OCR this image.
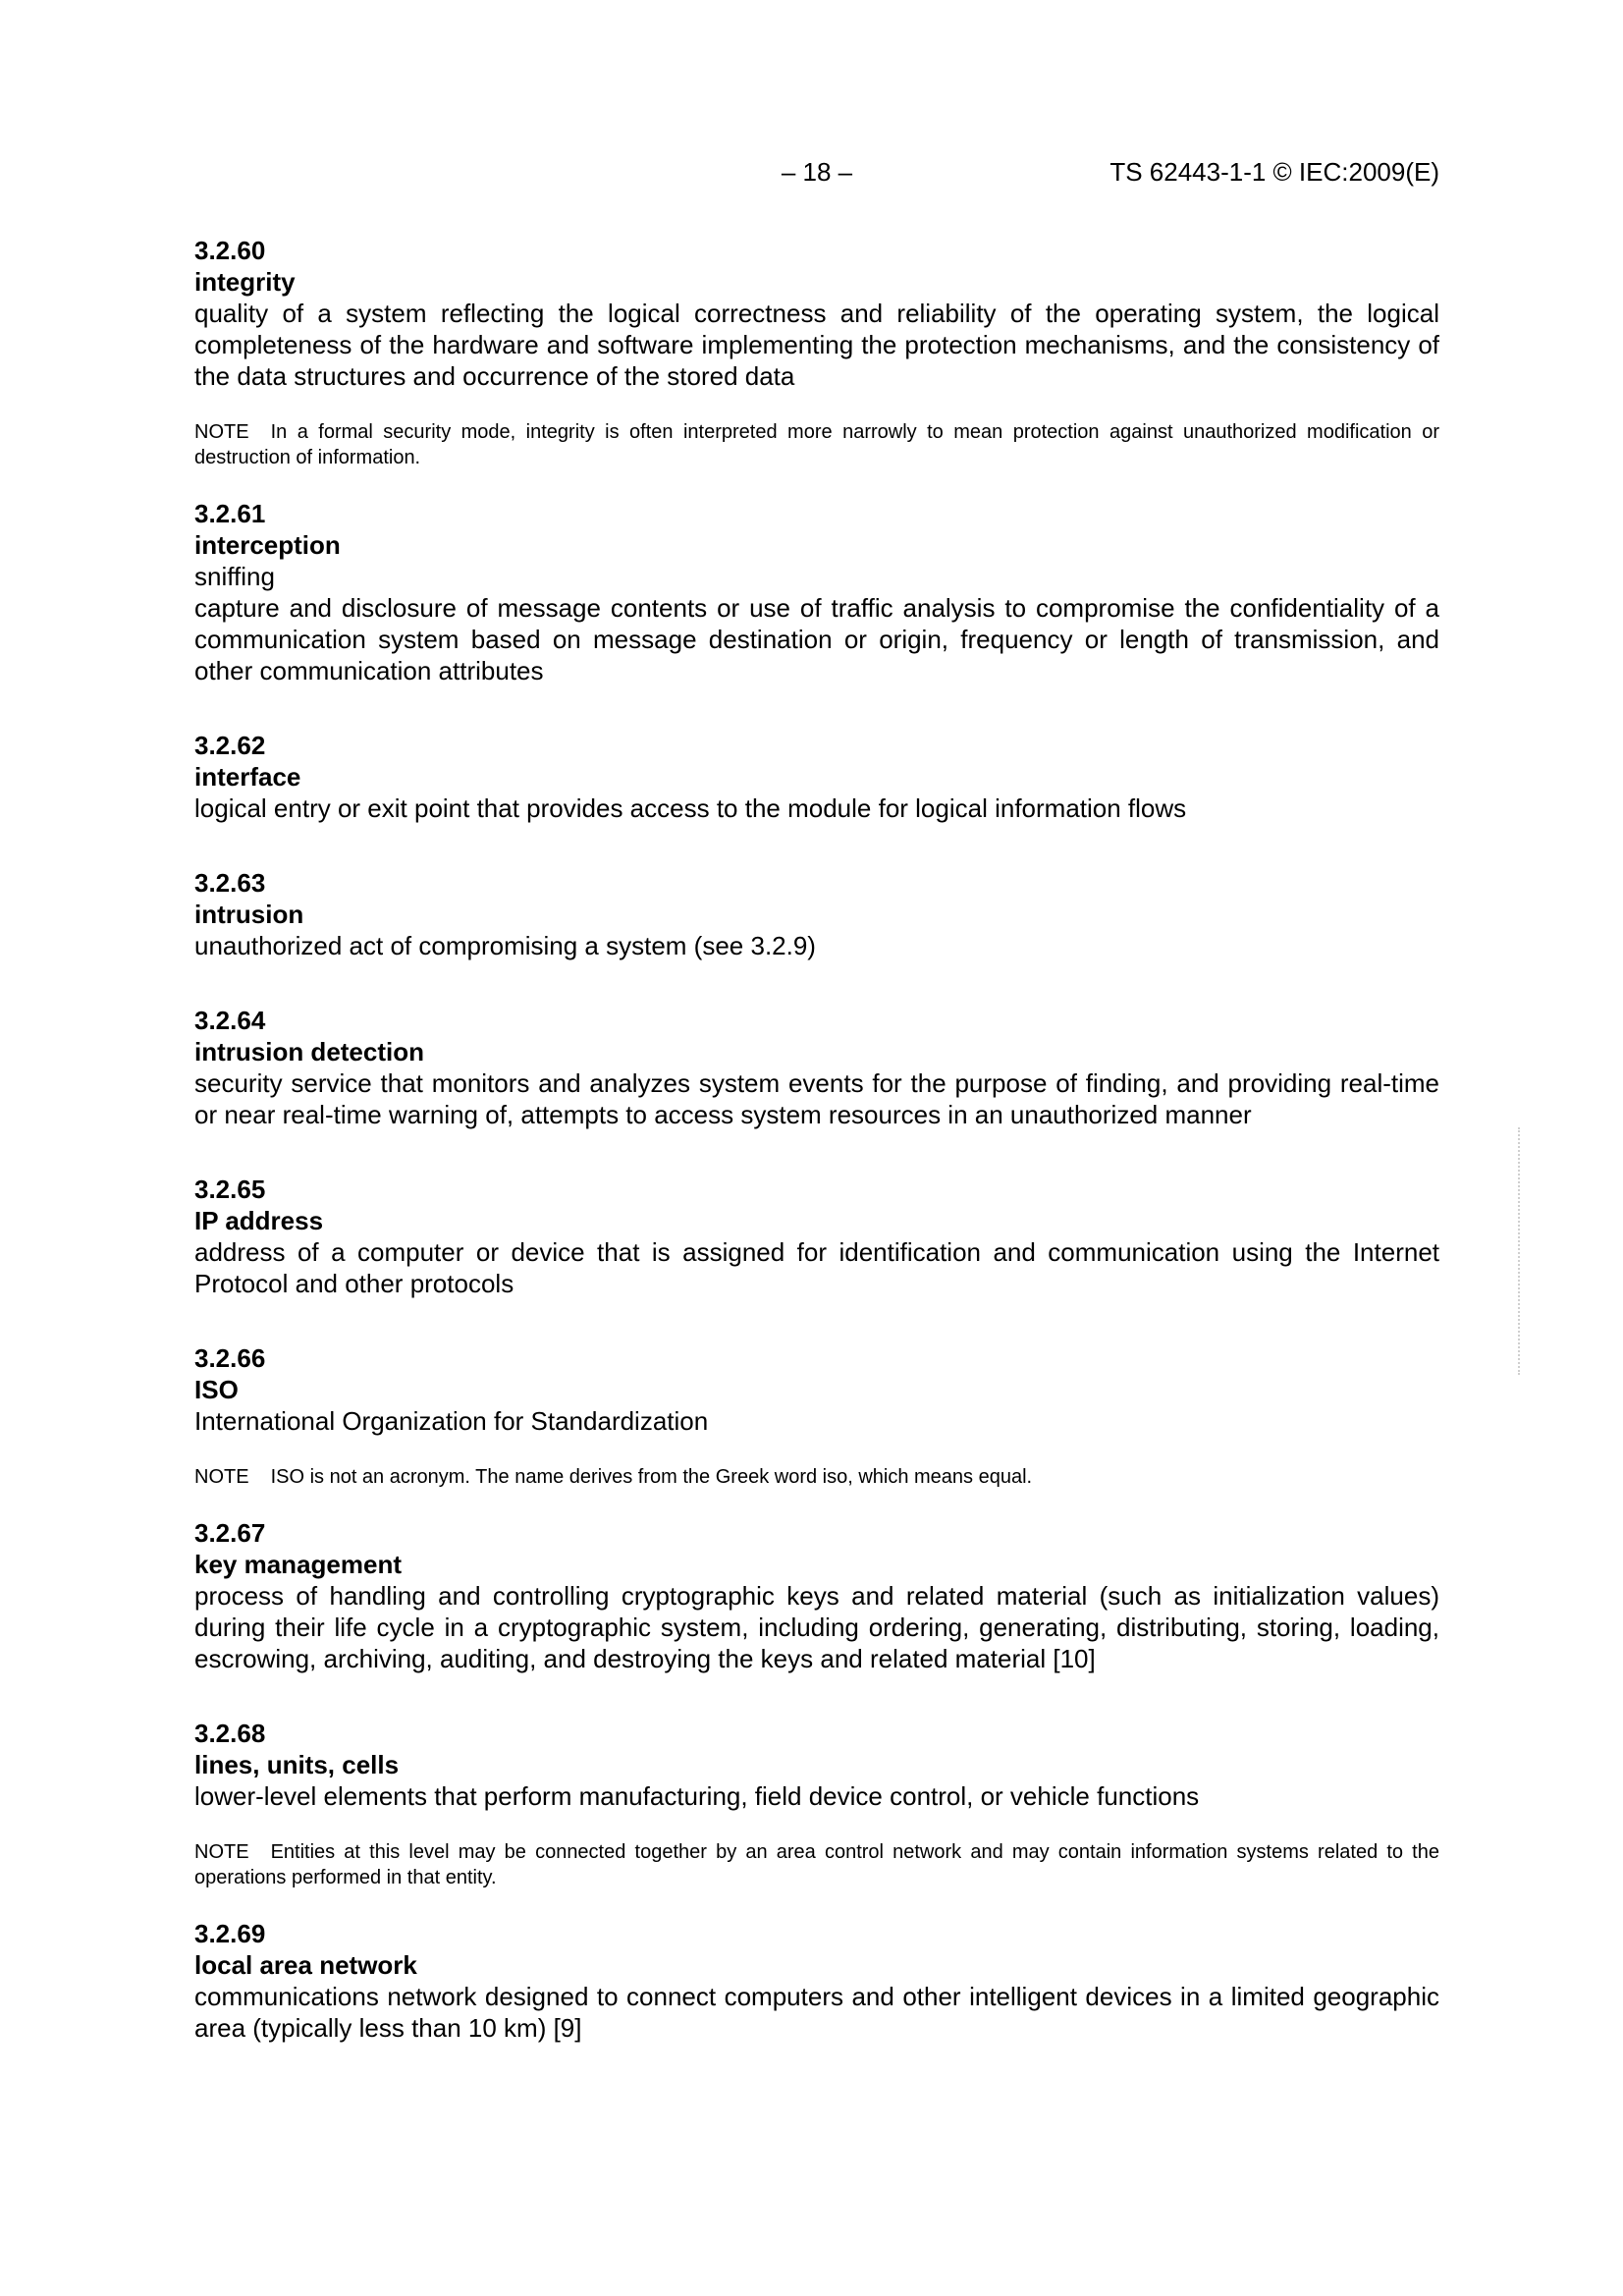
– 18 –	TS 62443-1-1 © IEC:2009(E)
3.2.60
integrity

quality of a system reflecting the logical correctness and reliability of the operating system, the logical completeness of the hardware and software implementing the protection mechanisms, and the consistency of the data structures and occurrence of the stored data

NOTE In a formal security mode, integrity is often interpreted more narrowly to mean protection against unauthorized modification or destruction of information.
3.2.61
interception
sniffing

capture and disclosure of message contents or use of traffic analysis to compromise the confidentiality of a communication system based on message destination or origin, frequency or length of transmission, and other communication attributes

3.2.62
interface

logical entry or exit point that provides access to the module for logical information flows

3.2.63
intrusion

unauthorized act of compromising a system (see 3.2.9)

3.2.64
intrusion detection

security service that monitors and analyzes system events for the purpose of finding, and providing real-time or near real-time warning of, attempts to access system resources in an unauthorized manner

3.2.65
IP address

address of a computer or device that is assigned for identification and communication using the Internet Protocol and other protocols

3.2.66
ISO

International Organization for Standardization

NOTE ISO is not an acronym. The name derives from the Greek word iso, which means equal.
3.2.67
key management

process of handling and controlling cryptographic keys and related material (such as initialization values) during their life cycle in a cryptographic system, including ordering, generating, distributing, storing, loading, escrowing, archiving, auditing, and destroying the keys and related material [10]

3.2.68
lines, units, cells

lower-level elements that perform manufacturing, field device control, or vehicle functions

NOTE Entities at this level may be connected together by an area control network and may contain information systems related to the operations performed in that entity.
3.2.69
local area network

communications network designed to connect computers and other intelligent devices in a limited geographic area (typically less than 10 km) [9]
